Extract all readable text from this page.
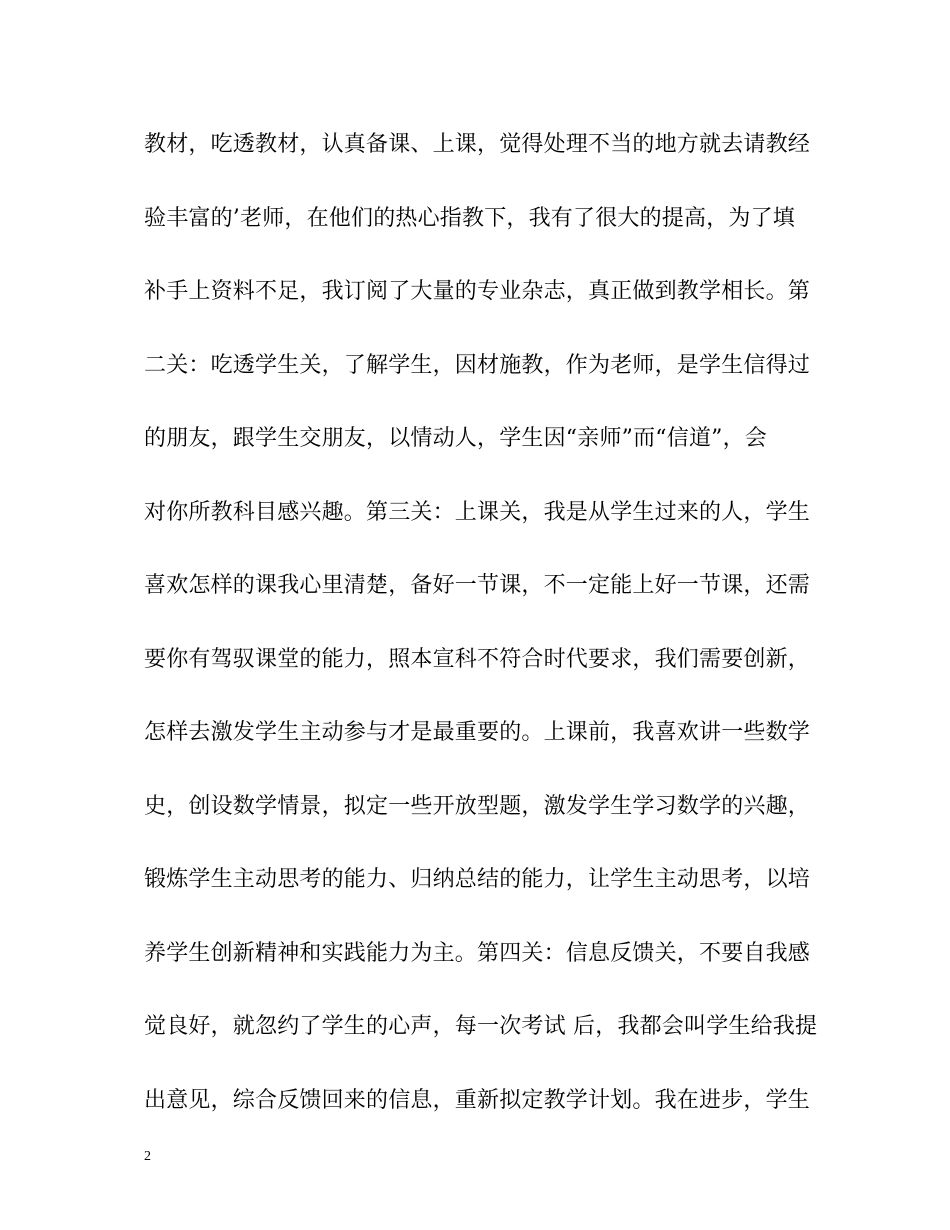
教材，吃透教材，认真备课、上课，觉得处理不当的地方就去请教经
验丰富的’老师，在他们的热心指教下，我有了很大的提高，为了填
补手上资料不足，我订阅了大量的专业杂志，真正做到教学相长。第
二关：吃透学生关，了解学生，因材施教，作为老师，是学生信得过
的朋友，跟学生交朋友，以情动人，学生因“亲师”而“信道”，会
对你所教科目感兴趣。第三关：上课关，我是从学生过来的人，学生
喜欢怎样的课我心里清楚，备好一节课，不一定能上好一节课，还需
要你有驾驭课堂的能力，照本宣科不符合时代要求，我们需要创新，
怎样去激发学生主动参与才是最重要的。上课前，我喜欢讲一些数学
史，创设数学情景，拟定一些开放型题，激发学生学习数学的兴趣，
锻炼学生主动思考的能力、归纳总结的能力，让学生主动思考，以培
养学生创新精神和实践能力为主。第四关：信息反馈关，不要自我感
觉良好，就忽约了学生的心声，每一次考试 后，我都会叫学生给我提
出意见，综合反馈回来的信息，重新拟定教学计划。我在进步，学生
2
